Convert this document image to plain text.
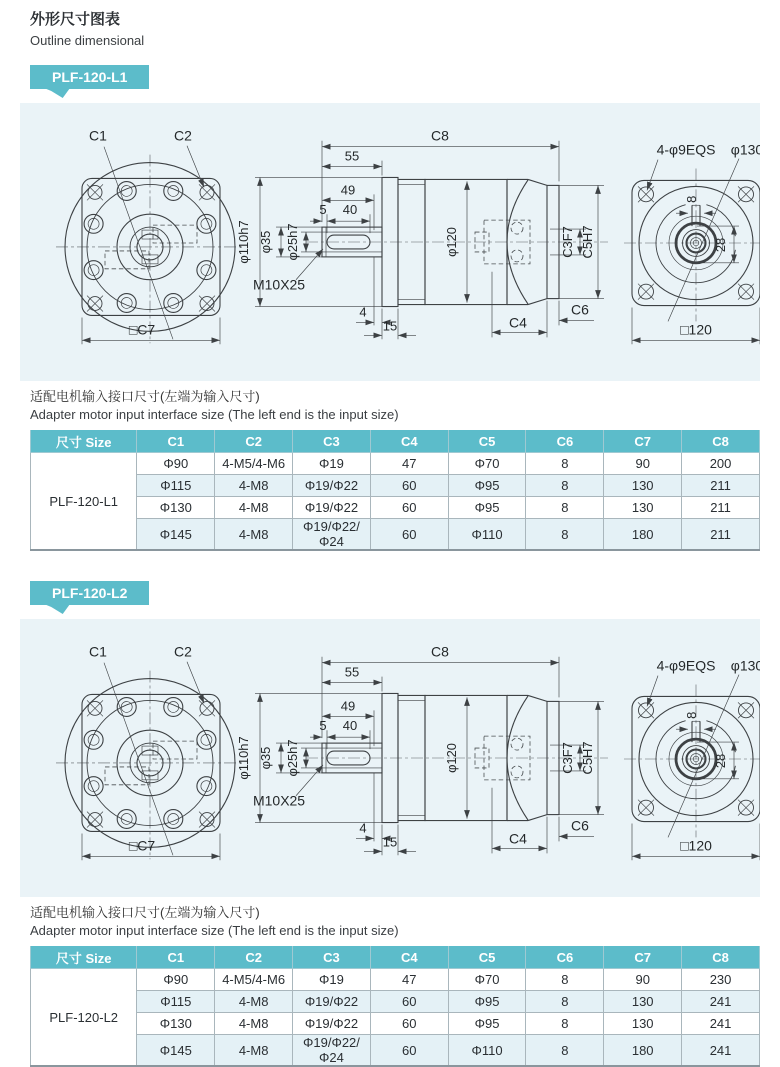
外形尺寸图表

Outline dimensional

PLF-120-L1
C1	C2
□C7
C8
55
49
5 40
φ35 φ25h7
φ110h7
M10X25
φ120	C3F7 C5H7
4
15	C4
C6
8
28
4-φ9EQS φ130
□120

适配电机输入接口尺寸(左端为输入尺寸)

Adapter motor input interface size (The left end is the input size)

尺寸 Size	C1	C2	C3	C4	C5	C6	C7	C8
PLF-120-L1	Φ90	4-M5/4-M6	Φ19	47	Φ70	8	90	200
	Φ115	4-M8	Φ19/Φ22	60	Φ95	8	130	211
	Φ130	4-M8	Φ19/Φ22	60	Φ95	8	130	211
	Φ145	4-M8	Φ19/Φ22/Φ24	60	Φ110	8	180	211
PLF-120-L2
C1	C2
□C7
C8
55
49
5 40
φ35 φ25h7
φ110h7
M10X25
φ120	C3F7 C5H7
4
15	C4
C6
8
28
4-φ9EQS φ130
□120

适配电机输入接口尺寸(左端为输入尺寸)

Adapter motor input interface size (The left end is the input size)

尺寸 Size	C1	C2	C3	C4	C5	C6	C7	C8
PLF-120-L2	Φ90	4-M5/4-M6	Φ19	47	Φ70	8	90	230
	Φ115	4-M8	Φ19/Φ22	60	Φ95	8	130	241
	Φ130	4-M8	Φ19/Φ22	60	Φ95	8	130	241
	Φ145	4-M8	Φ19/Φ22/Φ24	60	Φ110	8	180	241
